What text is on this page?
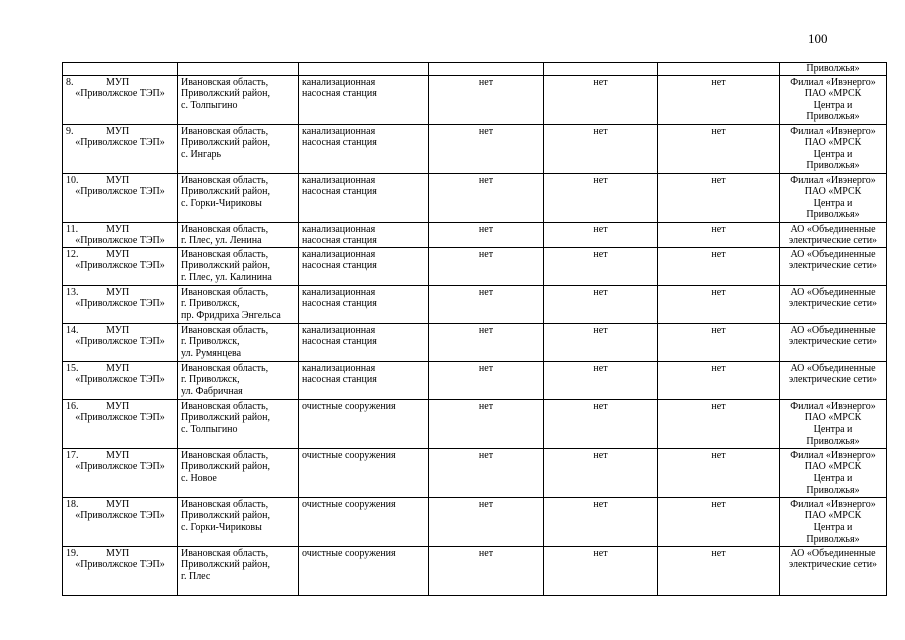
100

						Приволжья»

8. МУП
«Приволжское ТЭП»	Ивановская область,
Приволжский район,
с. Толпыгино	канализационная
насосная станция	нет	нет	нет	Филиал «Ивэнерго»
ПАО «МРСК
Центра и
Приволжья»

9. МУП
«Приволжское ТЭП»	Ивановская область,
Приволжский район,
с. Ингарь	канализационная
насосная станция	нет	нет	нет	Филиал «Ивэнерго»
ПАО «МРСК
Центра и
Приволжья»

10. МУП
«Приволжское ТЭП»	Ивановская область,
Приволжский район,
с. Горки-Чириковы	канализационная
насосная станция	нет	нет	нет	Филиал «Ивэнерго»
ПАО «МРСК
Центра и
Приволжья»

11. МУП
«Приволжское ТЭП»	Ивановская область,
г. Плес, ул. Ленина	канализационная
насосная станция	нет	нет	нет	АО «Объединенные
электрические сети»

12. МУП
«Приволжское ТЭП»	Ивановская область,
Приволжский район,
г. Плес, ул. Калинина	канализационная
насосная станция	нет	нет	нет	АО «Объединенные
электрические сети»

13. МУП
«Приволжское ТЭП»	Ивановская область,
г. Приволжск,
пр. Фридриха Энгельса	канализационная
насосная станция	нет	нет	нет	АО «Объединенные
электрические сети»

14. МУП
«Приволжское ТЭП»	Ивановская область,
г. Приволжск,
ул. Румянцева	канализационная
насосная станция	нет	нет	нет	АО «Объединенные
электрические сети»

15. МУП
«Приволжское ТЭП»	Ивановская область,
г. Приволжск,
ул. Фабричная	канализационная
насосная станция	нет	нет	нет	АО «Объединенные
электрические сети»

16. МУП
«Приволжское ТЭП»	Ивановская область,
Приволжский район,
с. Толпыгино	очистные сооружения	нет	нет	нет	Филиал «Ивэнерго»
ПАО «МРСК
Центра и
Приволжья»

17. МУП
«Приволжское ТЭП»	Ивановская область,
Приволжский район,
с. Новое	очистные сооружения	нет	нет	нет	Филиал «Ивэнерго»
ПАО «МРСК
Центра и
Приволжья»

18. МУП
«Приволжское ТЭП»	Ивановская область,
Приволжский район,
с. Горки-Чириковы	очистные сооружения	нет	нет	нет	Филиал «Ивэнерго»
ПАО «МРСК
Центра и
Приволжья»

19. МУП
«Приволжское ТЭП»	Ивановская область,
Приволжский район,
г. Плес	очистные сооружения	нет	нет	нет	АО «Объединенные
электрические сети»
